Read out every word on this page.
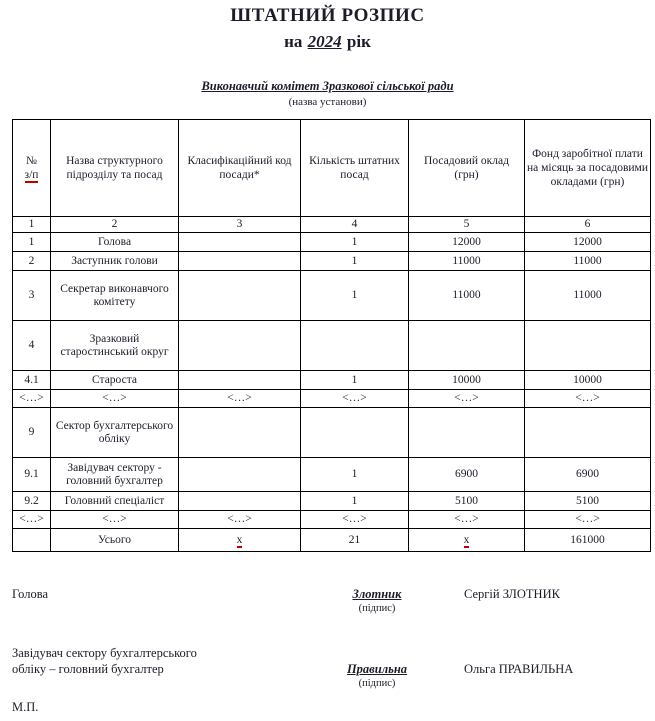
ШТАТНИЙ РОЗПИС
на 2024 рік
Виконавчий комітет Зразкової сільської ради
(назва установи)
№
з/п	Назва структурного підрозділу та посад	Класифікаційний код посади*	Кількість штатних посад	Посадовий оклад (грн)	Фонд заробітної плати на місяць за посадовими окладами (грн)
1	2	3	4	5	6
1	Голова		1	12000	12000
2	Заступник голови		1	11000	11000
3	Секретар виконавчого комітету		1	11000	11000
4	Зразковий старостинський округ				
4.1	Староста		1	10000	10000
<…>	<…>	<…>	<…>	<…>	<…>
9	Сектор бухгалтерського обліку				
9.1	Завідувач сектору - головний бухгалтер		1	6900	6900
9.2	Головний спеціаліст		1	5100	5100
<…>	<…>	<…>	<…>	<…>	<…>
	Усього	х	21	х	161000
Голова	Злотник
(підпис)
Сергій ЗЛОТНИК
Завідувач сектору бухгалтерського
обліку – головний бухгалтер	Правильна
(підпис)
Ольга ПРАВИЛЬНА
М.П.
